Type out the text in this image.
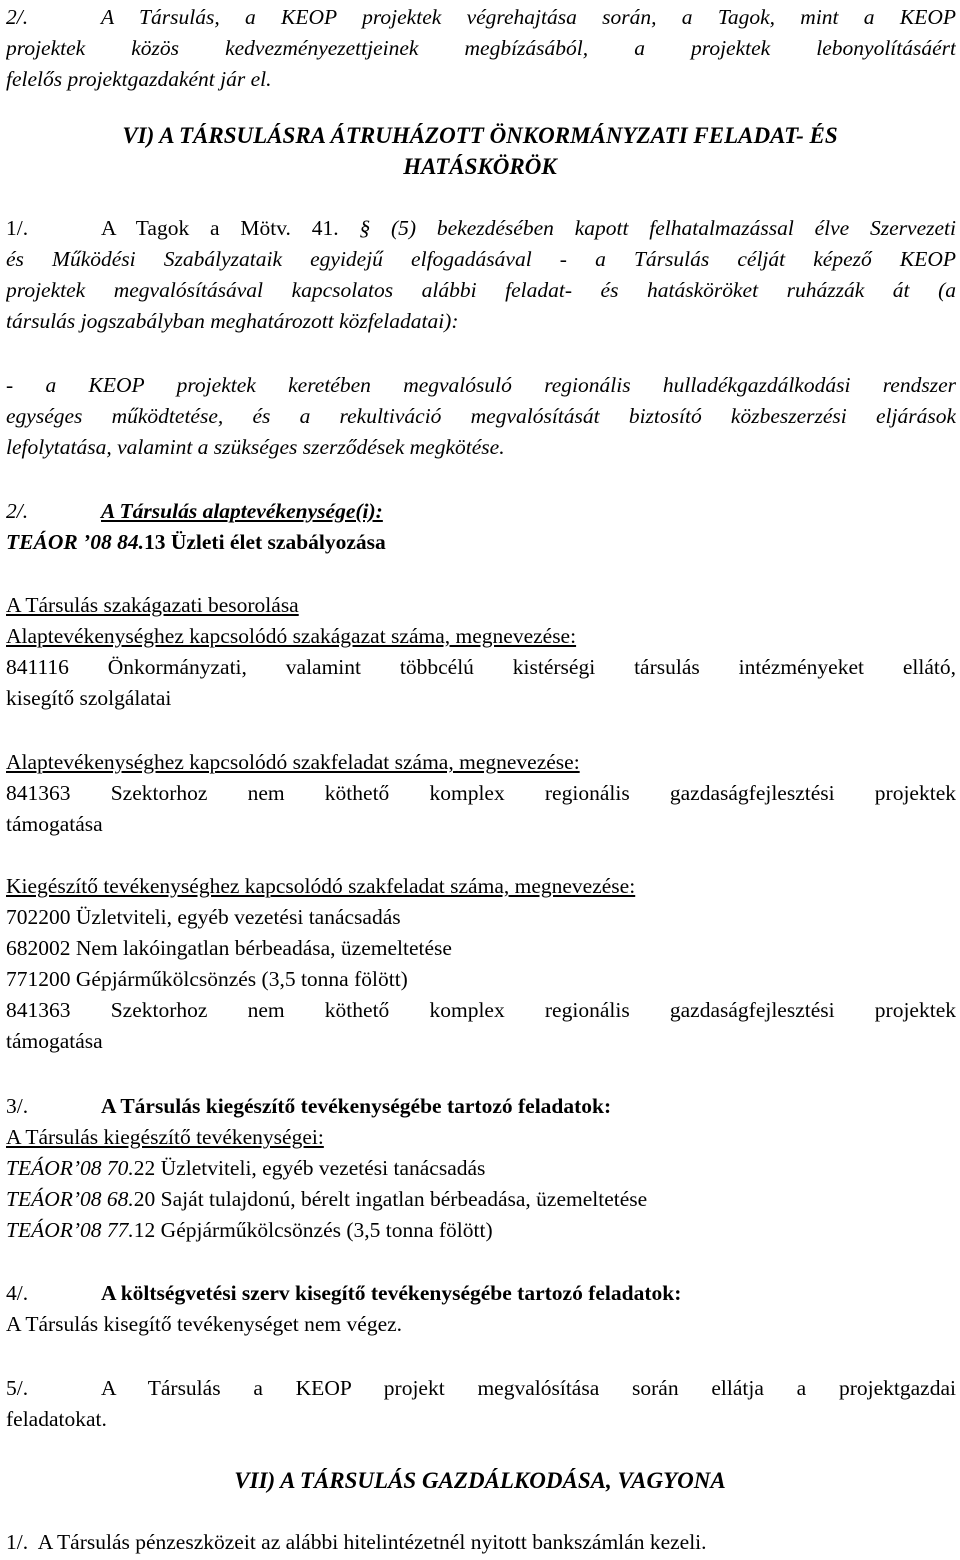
2/.	A Társulás, a KEOP projektek végrehajtása során, a Tagok, mint a KEOP
projektek közös kedvezményezettjeinek megbízásából, a projektek lebonyolításáért
felelős projektgazdaként jár el.
VI) A TÁRSULÁSRA ÁTRUHÁZOTT ÖNKORMÁNYZATI FELADAT- ÉS
HATÁSKÖRÖK
1/.	A Tagok a Mötv. 41. § (5) bekezdésében kapott felhatalmazással élve Szervezeti
és Működési Szabályzataik egyidejű elfogadásával - a Társulás célját képező KEOP
projektek megvalósításával kapcsolatos alábbi feladat- és hatásköröket ruházzák át (a
társulás jogszabályban meghatározott közfeladatai):
- a KEOP projektek keretében megvalósuló regionális hulladékgazdálkodási rendszer
egységes működtetése, és a rekultiváció megvalósítását biztosító közbeszerzési eljárások
lefolytatása, valamint a szükséges szerződések megkötése.
2/.	A Társulás alaptevékenysége(i):
TEÁOR ’08 84.13 Üzleti élet szabályozása
A Társulás szakágazati besorolása
Alaptevékenységhez kapcsolódó szakágazat száma, megnevezése:
841116 Önkormányzati, valamint többcélú kistérségi társulás intézményeket ellátó,
kisegítő szolgálatai
Alaptevékenységhez kapcsolódó szakfeladat száma, megnevezése:
841363 Szektorhoz nem köthető komplex regionális gazdaságfejlesztési projektek
támogatása
Kiegészítő tevékenységhez kapcsolódó szakfeladat száma, megnevezése:
702200 Üzletviteli, egyéb vezetési tanácsadás
682002 Nem lakóingatlan bérbeadása, üzemeltetése
771200 Gépjárműkölcsönzés (3,5 tonna fölött)
841363 Szektorhoz nem köthető komplex regionális gazdaságfejlesztési projektek
támogatása
3/.	A Társulás kiegészítő tevékenységébe tartozó feladatok:
A Társulás kiegészítő tevékenységei:
TEÁOR’08 70.22 Üzletviteli, egyéb vezetési tanácsadás
TEÁOR’08 68.20 Saját tulajdonú, bérelt ingatlan bérbeadása, üzemeltetése
TEÁOR’08 77.12 Gépjárműkölcsönzés (3,5 tonna fölött)
4/.	A költségvetési szerv kisegítő tevékenységébe tartozó feladatok:
A Társulás kisegítő tevékenységet nem végez.
5/.	A Társulás a KEOP projekt megvalósítása során ellátja a projektgazdai
feladatokat.
VII) A TÁRSULÁS GAZDÁLKODÁSA, VAGYONA
1/. A Társulás pénzeszközeit az alábbi hitelintézetnél nyitott bankszámlán kezeli.
